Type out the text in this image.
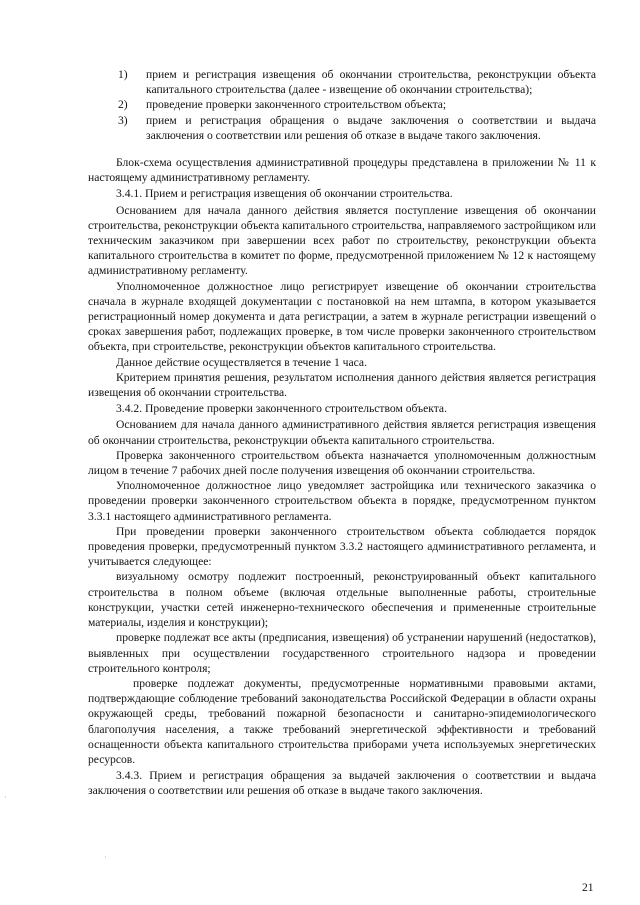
1)	прием и регистрация извещения об окончании строительства, реконструкции объекта капитального строительства (далее - извещение об окончании строительства);
2)	проведение проверки законченного строительством объекта;
3)	прием и регистрация обращения о выдаче заключения о соответствии и выдача заключения о соответствии или решения об отказе в выдаче такого заключения.

Блок-схема осуществления административной процедуры представлена в приложении № 11 к настоящему административному регламенту.

3.4.1. Прием и регистрация извещения об окончании строительства.

Основанием для начала данного действия является поступление извещения об окончании строительства, реконструкции объекта капитального строительства, направляемого застройщиком или техническим заказчиком при завершении всех работ по строительству, реконструкции объекта капитального строительства в комитет по форме, предусмотренной приложением № 12 к настоящему административному регламенту.

Уполномоченное должностное лицо регистрирует извещение об окончании строительства сначала в журнале входящей документации с постановкой на нем штампа, в котором указывается регистрационный номер документа и дата регистрации, а затем в журнале регистрации извещений о сроках завершения работ, подлежащих проверке, в том числе проверки законченного строительством объекта, при строительстве, реконструкции объектов капитального строительства.

Данное действие осуществляется в течение 1 часа.

Критерием принятия решения, результатом исполнения данного действия является регистрация извещения об окончании строительства.

3.4.2. Проведение проверки законченного строительством объекта.

Основанием для начала данного административного действия является регистрация извещения об окончании строительства, реконструкции объекта капитального строительства.

Проверка законченного строительством объекта назначается уполномоченным должностным лицом в течение 7 рабочих дней после получения извещения об окончании строительства.

Уполномоченное должностное лицо уведомляет застройщика или технического заказчика о проведении проверки законченного строительством объекта в порядке, предусмотренном пунктом 3.3.1 настоящего административного регламента.

При проведении проверки законченного строительством объекта соблюдается порядок проведения проверки, предусмотренный пунктом 3.3.2 настоящего административного регламента, и учитывается следующее:

визуальному осмотру подлежит построенный, реконструированный объект капитального строительства в полном объеме (включая отдельные выполненные работы, строительные конструкции, участки сетей инженерно-технического обеспечения и примененные строительные материалы, изделия и конструкции);

проверке подлежат все акты (предписания, извещения) об устранении нарушений (недостатков), выявленных при осуществлении государственного строительного надзора и проведении строительного контроля;

проверке подлежат документы, предусмотренные нормативными правовыми актами, подтверждающие соблюдение требований законодательства Российской Федерации в области охраны окружающей среды, требований пожарной безопасности и санитарно-эпидемиологического благополучия населения, а также требований энергетической эффективности и требований оснащенности объекта капитального строительства приборами учета используемых энергетических ресурсов.

3.4.3. Прием и регистрация обращения за выдачей заключения о соответствии и выдача заключения о соответствии или решения об отказе в выдаче такого заключения.

21
·
·
